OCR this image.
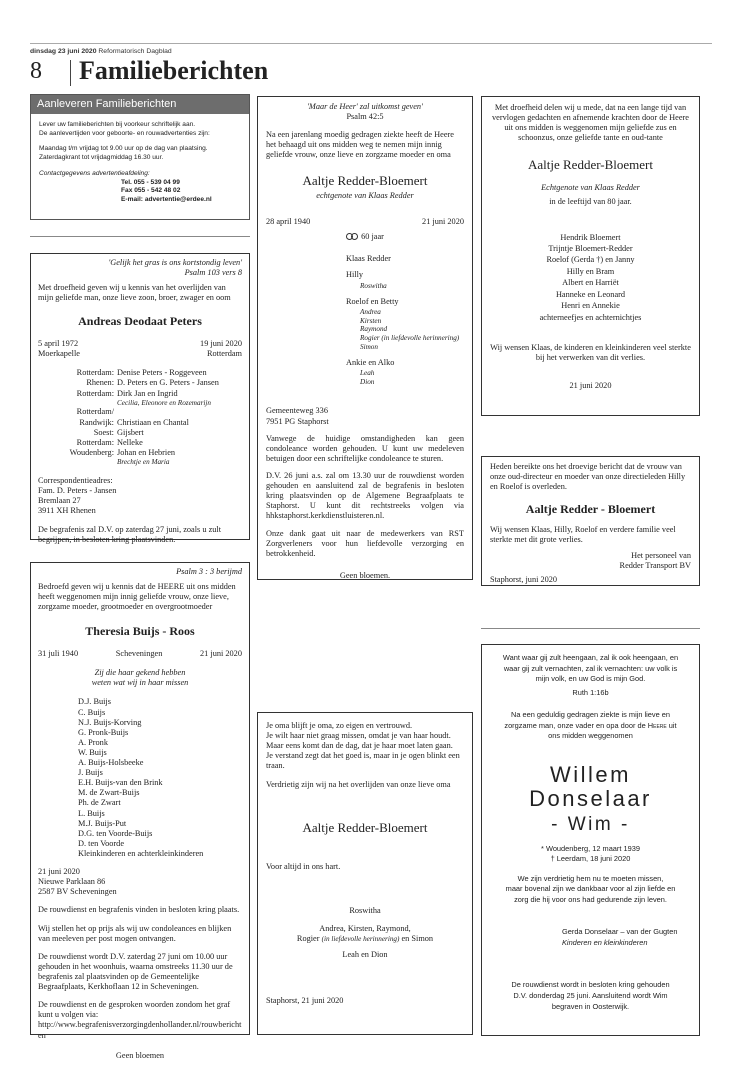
dinsdag 23 juni 2020 Reformatorisch Dagblad
8 Familieberichten
Aanleveren Familieberichten

Lever uw familieberichten bij voorkeur schriftelijk aan.

De aanlevertijden voor geboorte- en rouwadvertenties zijn:

Maandag t/m vrijdag tot 9.00 uur op de dag van plaatsing.

Zaterdagkrant tot vrijdagmiddag 16.30 uur.

Contactgegevens advertentieafdeling:

Tel. 055 - 539 04 99

Fax 055 - 542 48 02

E-mail: advertentie@erdee.nl

'Gelijk het gras is ons kortstondig leven'

Psalm 103 vers 8

Met droefheid geven wij u kennis van het overlijden van mijn geliefde man, onze lieve zoon, broer, zwager en oom

Andreas Deodaat Peters

5 april 1972	19 juni 2020
Moerkapelle	Rotterdam
Rotterdam: Denise Peters - Roggeveen
Rhenen: D. Peters en G. Peters - Jansen
Rotterdam: Dirk Jan en Ingrid
Cecilia, Eleonore en Rozemarijn
Rotterdam/
Randwijk: Christiaan en Chantal
Soest: Gijsbert
Rotterdam: Nelleke
Woudenberg: Johan en Hebrien
Brechtje en Maria

Correspondentieadres:

Fam. D. Peters - Jansen

Bremlaan 27

3911 XH Rhenen

De begrafenis zal D.V. op zaterdag 27 juni, zoals u zult begrijpen, in besloten kring plaatsvinden.

Psalm 3 : 3 berijmd

Bedroefd geven wij u kennis dat de HEERE uit ons midden heeft weggenomen mijn innig geliefde vrouw, onze lieve, zorgzame moeder, grootmoeder en overgrootmoeder

Theresia Buijs - Roos

31 juli 1940	Scheveningen	21 juni 2020

Zij die haar gekend hebben

weten wat wij in haar missen

D.J. Buijs

C. Buijs

N.J. Buijs-Korving

G. Pronk-Buijs

A. Pronk

W. Buijs

A. Buijs-Holsbeeke

J. Buijs

E.H. Buijs-van den Brink

M. de Zwart-Buijs

Ph. de Zwart

L. Buijs

M.J. Buijs-Put

D.G. ten Voorde-Buijs

D. ten Voorde

Kleinkinderen en achterkleinkinderen

21 juni 2020

Nieuwe Parklaan 86

2587 BV Scheveningen

De rouwdienst en begrafenis vinden in besloten kring plaats.

Wij stellen het op prijs als wij uw condoleances en blijken van meeleven per post mogen ontvangen.

De rouwdienst wordt D.V. zaterdag 27 juni om 10.00 uur gehouden in het woonhuis, waarna omstreeks 11.30 uur de begrafenis zal plaatsvinden op de Gemeentelijke Begraafplaats, Kerkhoflaan 12 in Scheveningen.

De rouwdienst en de gesproken woorden zondom het graf kunt u volgen via:

http://www.begrafenisverzorgingdenhollander.nl/rouwberichten

Geen bloemen

'Maar de Heer' zal uitkomst geven'

Psalm 42:5

Na een jarenlang moedig gedragen ziekte heeft de Heere het behaagd uit ons midden weg te nemen mijn innig geliefde vrouw, onze lieve en zorgzame moeder en oma

Aaltje Redder-Bloemert

echtgenote van Klaas Redder

28 april 1940	21 juni 2020

60 jaar

Klaas Redder

Hilly

Roswitha

Roelof en Betty

Andrea

Kirsten

Raymond

Rogier (in liefdevolle herinnering)

Simon

Ankie en Alko

Leah

Dion

Gemeenteweg 336

7951 PG Staphorst

Vanwege de huidige omstandigheden kan geen condoleance worden gehouden. U kunt uw medeleven betuigen door een schriftelijke condoleance te sturen.

D.V. 26 juni a.s. zal om 13.30 uur de rouwdienst worden gehouden en aansluitend zal de begrafenis in besloten kring plaatsvinden op de Algemene Begraafplaats te Staphorst. U kunt dit rechtstreeks volgen via hhkstaphorst.kerkdienstluisteren.nl.

Onze dank gaat uit naar de medewerkers van RST Zorgverleners voor hun liefdevolle verzorging en betrokkenheid.

Geen bloemen.

Je oma blijft je oma, zo eigen en vertrouwd.

Je wilt haar niet graag missen, omdat je van haar houdt.

Maar eens komt dan de dag, dat je haar moet laten gaan.

Je verstand zegt dat het goed is, maar in je ogen blinkt een traan.

Verdrietig zijn wij na het overlijden van onze lieve oma

Aaltje Redder-Bloemert

Voor altijd in ons hart.

Roswitha

Andrea, Kirsten, Raymond,

Rogier (in liefdevolle herinnering) en Simon

Leah en Dion

Staphorst, 21 juni 2020

Met droefheid delen wij u mede, dat na een lange tijd van vervlogen gedachten en afnemende krachten door de Heere uit ons midden is weggenomen mijn geliefde zus en schoonzus, onze geliefde tante en oud-tante

Aaltje Redder-Bloemert

Echtgenote van Klaas Redder

in de leeftijd van 80 jaar.

Hendrik Bloemert

Trijntje Bloemert-Redder

Roelof (Gerda †) en Janny

Hilly en Bram

Albert en Harriët

Hanneke en Leonard

Henri en Annekie

achterneefjes en achternichtjes

Wij wensen Klaas, de kinderen en kleinkinderen veel sterkte bij het verwerken van dit verlies.

21 juni 2020

Heden bereikte ons het droevige bericht dat de vrouw van onze oud-directeur en moeder van onze directieleden Hilly en Roelof is overleden.

Aaltje Redder - Bloemert

Wij wensen Klaas, Hilly, Roelof en verdere familie veel sterkte met dit grote verlies.

Het personeel van

Redder Transport BV

Staphorst, juni 2020

Want waar gij zult heengaan, zal ik ook heengaan, en

waar gij zult vernachten, zal ik vernachten: uw volk is

mijn volk, en uw God is mijn God.

Ruth 1:16b

Na een geduldig gedragen ziekte is mijn lieve en

zorgzame man, onze vader en opa door de Heere uit

ons midden weggenomen

Willem Donselaar

- Wim -

* Woudenberg, 12 maart 1939

† Leerdam, 18 juni 2020

We zijn verdrietig hem nu te moeten missen,

maar bovenal zijn we dankbaar voor al zijn liefde en

zorg die hij voor ons had gedurende zijn leven.

Gerda Donselaar – van der Gugten

Kinderen en kleinkinderen

De rouwdienst wordt in besloten kring gehouden

D.V. donderdag 25 juni. Aansluitend wordt Wim

begraven in Oosterwijk.
